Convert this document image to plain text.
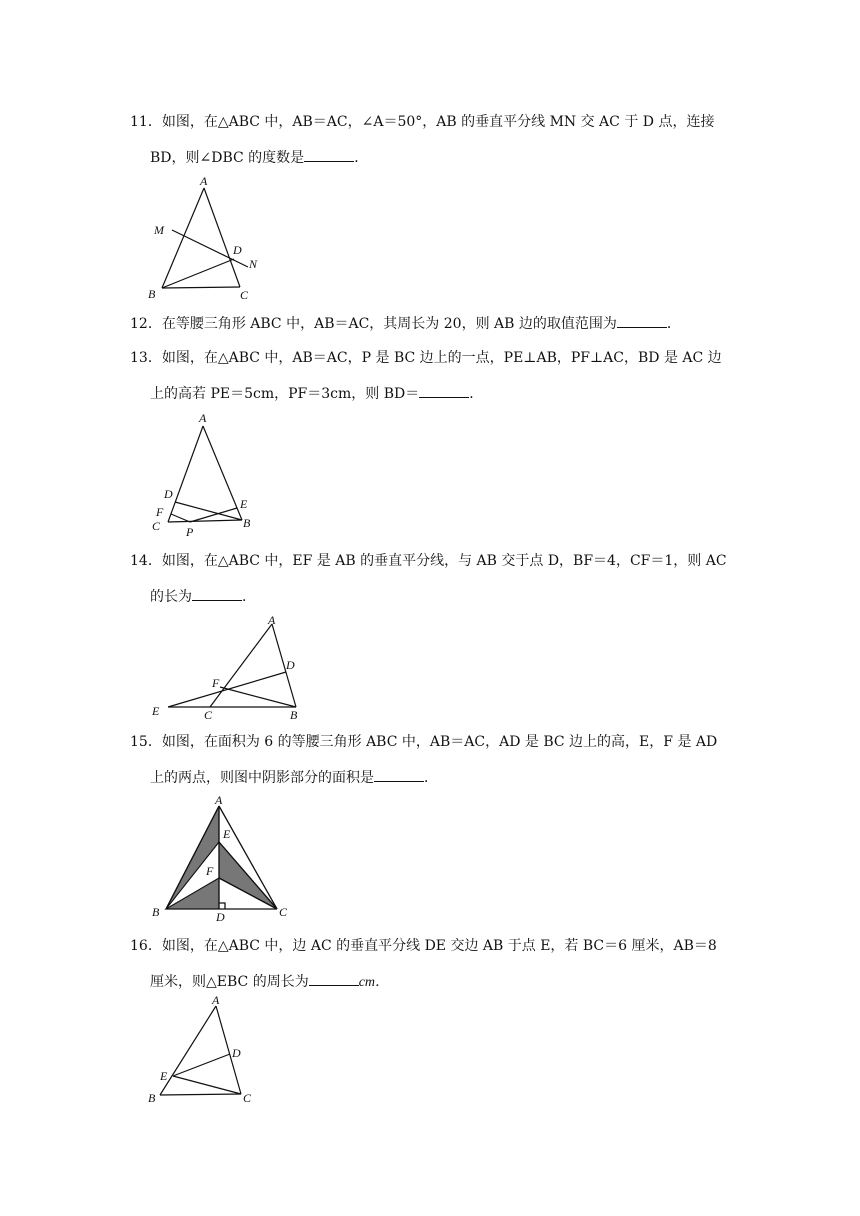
11．如图，在△ABC 中，AB＝AC，∠A＝50°，AB 的垂直平分线 MN 交 AC 于 D 点，连接
BD，则∠DBC 的度数是	．
A
M
D
N
B	C
12．在等腰三角形 ABC 中，AB＝AC，其周长为 20，则 AB 边的取值范围为	．
13．如图，在△ABC 中，AB＝AC，P 是 BC 边上的一点，PE⊥AB，PF⊥AC，BD 是 AC 边
上的高若 PE＝5cm，PF＝3cm，则 BD＝	．
A
D
E
F
C P
B
14．如图，在△ABC 中，EF 是 AB 的垂直平分线，与 AB 交于点 D，BF＝4，CF＝1，则 AC
的长为	．
A
D
F
E	C	B
15．如图，在面积为 6 的等腰三角形 ABC 中，AB＝AC，AD 是 BC 边上的高，E，F 是 AD
上的两点，则图中阴影部分的面积是	．
A
E
F
B	D	C
16．如图，在△ABC 中，边 AC 的垂直平分线 DE 交边 AB 于点 E，若 BC＝6 厘米，AB＝8
厘米，则△EBC 的周长为	cm．
A
D
E
B	C
